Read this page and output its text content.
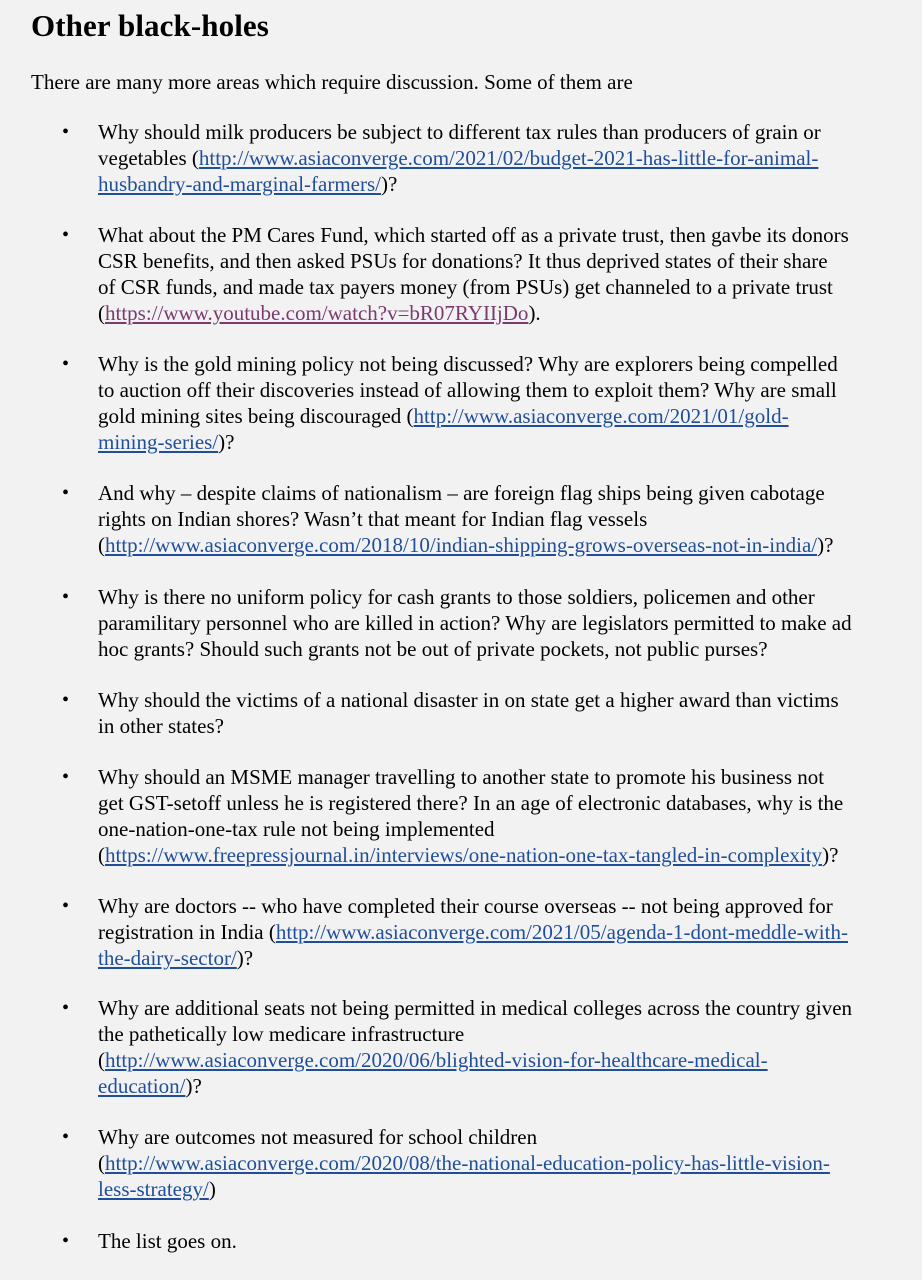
Other black-holes

There are many more areas which require discussion. Some of them are

• Why should milk producers be subject to different tax rules than producers of grain or
vegetables (http://www.asiaconverge.com/2021/02/budget-2021-has-little-for-animal-
husbandry-and-marginal-farmers/)?
• What about the PM Cares Fund, which started off as a private trust, then gavbe its donors
CSR benefits, and then asked PSUs for donations? It thus deprived states of their share
of CSR funds, and made tax payers money (from PSUs) get channeled to a private trust
(https://www.youtube.com/watch?v=bR07RYIIjDo).
• Why is the gold mining policy not being discussed? Why are explorers being compelled
to auction off their discoveries instead of allowing them to exploit them? Why are small
gold mining sites being discouraged (http://www.asiaconverge.com/2021/01/gold-
mining-series/)?
• And why – despite claims of nationalism – are foreign flag ships being given cabotage
rights on Indian shores? Wasn’t that meant for Indian flag vessels
(http://www.asiaconverge.com/2018/10/indian-shipping-grows-overseas-not-in-india/)?
• Why is there no uniform policy for cash grants to those soldiers, policemen and other
paramilitary personnel who are killed in action? Why are legislators permitted to make ad
hoc grants? Should such grants not be out of private pockets, not public purses?
• Why should the victims of a national disaster in on state get a higher award than victims
in other states?
• Why should an MSME manager travelling to another state to promote his business not
get GST-setoff unless he is registered there? In an age of electronic databases, why is the
one-nation-one-tax rule not being implemented
(https://www.freepressjournal.in/interviews/one-nation-one-tax-tangled-in-complexity)?
• Why are doctors -- who have completed their course overseas -- not being approved for
registration in India (http://www.asiaconverge.com/2021/05/agenda-1-dont-meddle-with-
the-dairy-sector/)?
• Why are additional seats not being permitted in medical colleges across the country given
the pathetically low medicare infrastructure
(http://www.asiaconverge.com/2020/06/blighted-vision-for-healthcare-medical-
education/)?
• Why are outcomes not measured for school children
(http://www.asiaconverge.com/2020/08/the-national-education-policy-has-little-vision-
less-strategy/)
• The list goes on.
